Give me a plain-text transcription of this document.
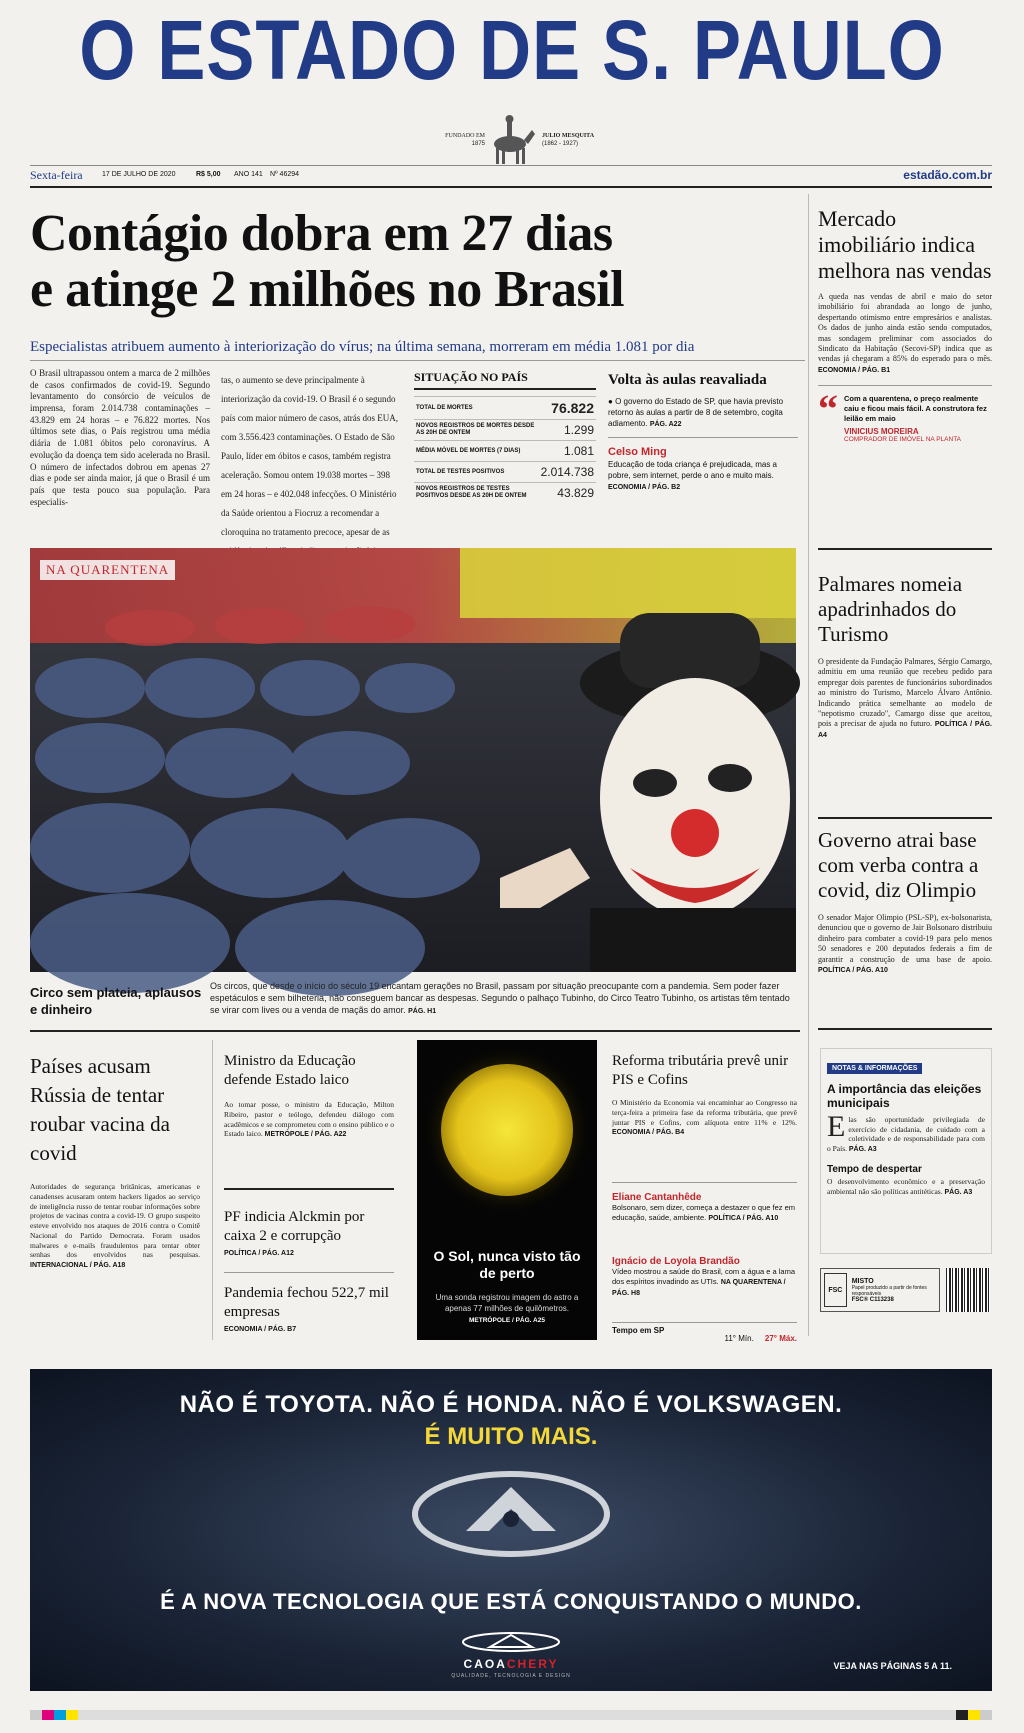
O ESTADO DE S. PAULO
FUNDADO EM
1875
JULIO MESQUITA
(1862 - 1927)
Sexta-feira	17 DE JULHO DE 2020	R$ 5,00 ANO 141 Nº 46294	estadão.com.br
Contágio dobra em 27 dias
e atinge 2 milhões no Brasil
Especialistas atribuem aumento à interiorização do vírus; na última semana, morreram em média 1.081 por dia
O Brasil ultrapassou ontem a marca de 2 milhões de casos confirmados de covid-19. Segundo levantamento do consórcio de veículos de imprensa, foram 2.014.738 contaminações – 43.829 em 24 horas – e 76.822 mortes. Nos últimos sete dias, o País registrou uma média diária de 1.081 óbitos pelo coronavírus. A evolução da doença tem sido acelerada no Brasil. O número de infectados dobrou em apenas 27 dias e pode ser ainda maior, já que o Brasil é um país que testa pouco sua população. Para especialis-
tas, o aumento se deve principalmente à interiorização da covid-19. O Brasil é o segundo país com maior número de casos, atrás dos EUA, com 3.556.423 contaminações. O Estado de São Paulo, líder em óbitos e casos, também registra aceleração. Somou ontem 19.038 mortes – 398 em 24 horas – e 402.048 infecções. O Ministério da Saúde orientou a Fiocruz a recomendar a cloroquina no tratamento precoce, apesar de as
SITUAÇÃO NO PAÍS
TOTAL DE MORTES	76.822
NOVOS REGISTROS DE MORTES DESDE AS 20H DE ONTEM	1.299
MÉDIA MÓVEL DE MORTES (7 DIAS)	1.081
TOTAL DE TESTES POSITIVOS	2.014.738
NOVOS REGISTROS DE TESTES POSITIVOS DESDE AS 20H DE ONTEM	43.829
Volta às aulas reavaliada
● O governo do Estado de SP, que havia previsto retorno às aulas a partir de 8 de setembro, cogita adiamento. PÁG. A22
Celso Ming
Educação de toda criança é prejudicada, mas a pobre, sem internet, perde o ano e muito mais. ECONOMIA / PÁG. B2
Mercado imobiliário indica melhora nas vendas
A queda nas vendas de abril e maio do setor imobiliário foi abrandada ao longo de junho, despertando otimismo entre empresários e analistas. Os dados de junho ainda estão sendo computados, mas sondagem preliminar com associados do Sindicato da Habitação (Secovi-SP) indica que as vendas já chegaram a 85% do esperado para o mês. ECONOMIA / PÁG. B1
“ Com a quarentena, o preço realmente caiu e ficou mais fácil. A construtora fez leilão em maio
VINICIUS MOREIRA
COMPRADOR DE IMÓVEL NA PLANTA
Palmares nomeia apadrinhados do Turismo
O presidente da Fundação Palmares, Sérgio Camargo, admitiu em uma reunião que recebeu pedido para empregar dois parentes de funcionários subordinados ao ministro do Turismo, Marcelo Álvaro Antônio. Indicando prática semelhante ao modelo de "nepotismo cruzado", Camargo disse que aceitou, pois a precisar de ajuda no futuro. POLÍTICA / PÁG. A4
Governo atrai base com verba contra a covid, diz Olimpio
O senador Major Olimpio (PSL-SP), ex-bolsonarista, denunciou que o governo de Jair Bolsonaro distribuiu dinheiro para combater a covid-19 para pelo menos 50 senadores e 200 deputados federais a fim de garantir a construção de uma base de apoio. POLÍTICA / PÁG. A10
NOTAS & INFORMAÇÕES
A importância das eleições municipais
E las são oportunidade privilegiada de exercício de cidadania, de cuidado com a coletividade e de responsabilidade para com o País. PÁG. A3
Tempo de despertar
O desenvolvimento econômico e a preservação ambiental não são políticas antitéticas. PÁG. A3
FSC
MISTO
Papel produzido a partir de fontes responsáveis
FSC® C113238
NA QUARENTENA
Circo sem plateia, aplausos e dinheiro
Os circos, que desde o início do século 19 encantam gerações no Brasil, passam por situação preocupante com a pandemia. Sem poder fazer espetáculos e sem bilheteria, não conseguem bancar as despesas. Segundo o palhaço Tubinho, do Circo Teatro Tubinho, os artistas têm tentado se virar com lives ou a venda de maçãs do amor. PÁG. H1
Países acusam Rússia de tentar roubar vacina da covid
Autoridades de segurança britânicas, americanas e canadenses acusaram ontem hackers ligados ao serviço de inteligência russo de tentar roubar informações sobre projetos de vacinas contra a covid-19. O grupo suspeito esteve envolvido nos ataques de 2016 contra o Comitê Nacional do Partido Democrata. Foram usados malwares e e-mails fraudulentos para tentar obter senhas dos envolvidos nas pesquisas. INTERNACIONAL / PÁG. A18
Ministro da Educação defende Estado laico
Ao tomar posse, o ministro da Educação, Milton Ribeiro, pastor e teólogo, defendeu diálogo com acadêmicos e se comprometeu com o ensino público e o Estado laico. METRÓPOLE / PÁG. A22
PF indicia Alckmin por caixa 2 e corrupção
POLÍTICA / PÁG. A12
Pandemia fechou 522,7 mil empresas
ECONOMIA / PÁG. B7
O Sol, nunca visto tão de perto
Uma sonda registrou imagem do astro a apenas 77 milhões de quilômetros. METRÓPOLE / PÁG. A25
Reforma tributária prevê unir PIS e Cofins
O Ministério da Economia vai encaminhar ao Congresso na terça-feira a primeira fase da reforma tributária, que prevê juntar PIS e Cofins, com alíquota entre 11% e 12%. ECONOMIA / PÁG. B4
Eliane Cantanhêde
Bolsonaro, sem dizer, começa a destazer o que fez em educação, saúde, ambiente. POLÍTICA / PÁG. A10
Ignácio de Loyola Brandão
Vídeo mostrou a saúde do Brasil, com a água e a lama dos espíritos invadindo as UTIs. NA QUARENTENA / PÁG. H8
Tempo em SP
11° Mín. 27° Máx.
NÃO É TOYOTA. NÃO É HONDA. NÃO É VOLKSWAGEN.
É MUITO MAIS.
É A NOVA TECNOLOGIA QUE ESTÁ CONQUISTANDO O MUNDO.
CAOACHERY
QUALIDADE, TECNOLOGIA E DESIGN
VEJA NAS PÁGINAS 5 A 11.
